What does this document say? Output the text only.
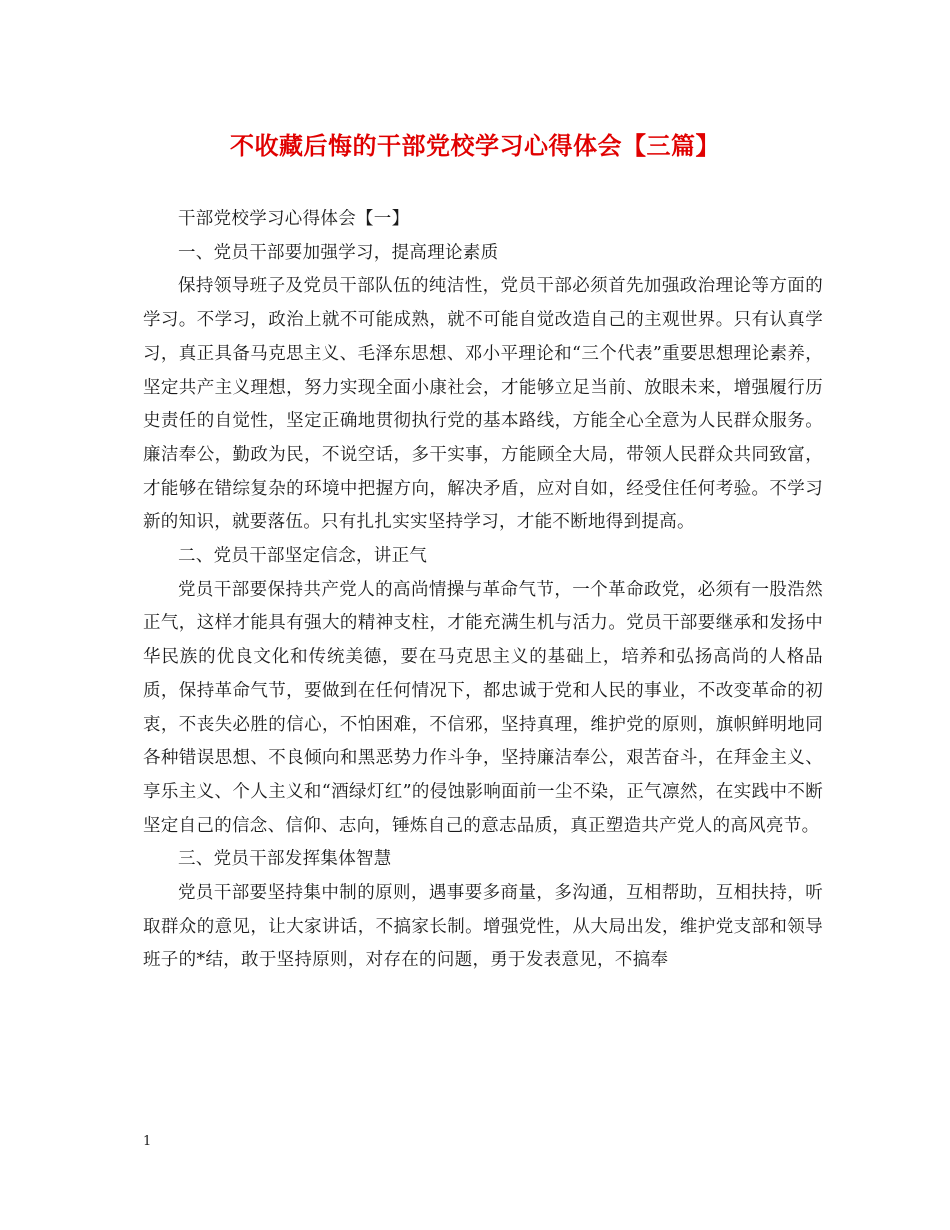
不收藏后悔的干部党校学习心得体会【三篇】

干部党校学习心得体会【一】

一、党员干部要加强学习，提高理论素质

保持领导班子及党员干部队伍的纯洁性，党员干部必须首先加强政治理论等方面的学习。不学习，政治上就不可能成熟，就不可能自觉改造自己的主观世界。只有认真学习，真正具备马克思主义、毛泽东思想、邓小平理论和“三个代表”重要思想理论素养，坚定共产主义理想，努力实现全面小康社会，才能够立足当前、放眼未来，增强履行历史责任的自觉性，坚定正确地贯彻执行党的基本路线，方能全心全意为人民群众服务。廉洁奉公，勤政为民，不说空话，多干实事，方能顾全大局，带领人民群众共同致富，才能够在错综复杂的环境中把握方向，解决矛盾，应对自如，经受住任何考验。不学习新的知识，就要落伍。只有扎扎实实坚持学习，才能不断地得到提高。

二、党员干部坚定信念，讲正气

党员干部要保持共产党人的高尚情操与革命气节，一个革命政党，必须有一股浩然正气，这样才能具有强大的精神支柱，才能充满生机与活力。党员干部要继承和发扬中华民族的优良文化和传统美德，要在马克思主义的基础上，培养和弘扬高尚的人格品质，保持革命气节，要做到在任何情况下，都忠诚于党和人民的事业，不改变革命的初衷，不丧失必胜的信心，不怕困难，不信邪，坚持真理，维护党的原则，旗帜鲜明地同各种错误思想、不良倾向和黑恶势力作斗争，坚持廉洁奉公，艰苦奋斗，在拜金主义、享乐主义、个人主义和“酒绿灯红”的侵蚀影响面前一尘不染，正气凛然，在实践中不断坚定自己的信念、信仰、志向，锤炼自己的意志品质，真正塑造共产党人的高风亮节。

三、党员干部发挥集体智慧

党员干部要坚持集中制的原则，遇事要多商量，多沟通，互相帮助，互相扶持，听取群众的意见，让大家讲话，不搞家长制。增强党性，从大局出发，维护党支部和领导班子的*结，敢于坚持原则，对存在的问题，勇于发表意见，不搞奉

1
